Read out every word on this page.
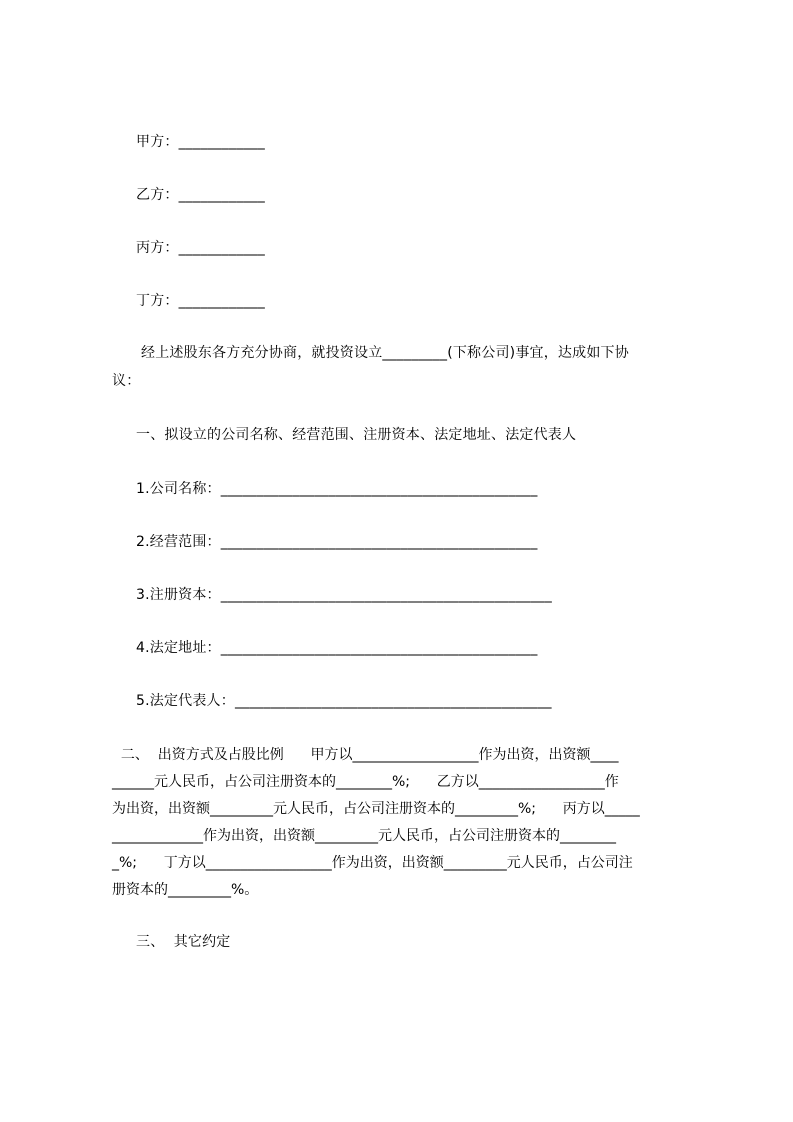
甲方：____________
乙方：____________
丙方：____________
丁方：____________
经上述股东各方充分协商，就投资设立_________(下称公司)事宜，达成如下协
议：
一、拟设立的公司名称、经营范围、注册资本、法定地址、法定代表人
1.公司名称：____________________________________________
2.经营范围：____________________________________________
3.注册资本：______________________________________________
4.法定地址：____________________________________________
5.法定代表人：____________________________________________
二、  出资方式及占股比例      甲方以__________________作为出资，出资额____
______元人民币，占公司注册资本的________%;      乙方以__________________作
为出资，出资额_________元人民币，占公司注册资本的_________%;      丙方以_____
_____________作为出资，出资额_________元人民币，占公司注册资本的________
_%;      丁方以__________________作为出资，出资额_________元人民币，占公司注
册资本的_________%。
三、  其它约定
